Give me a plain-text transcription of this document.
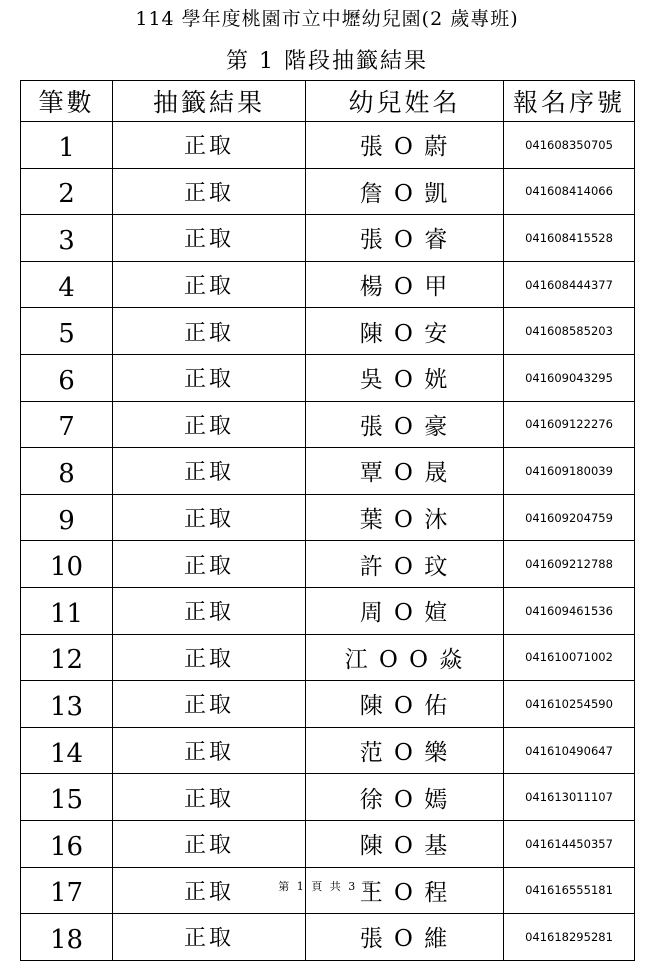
114 學年度桃園市立中壢幼兒園(2 歲專班)
第 1 階段抽籤結果
筆數	抽籤結果	幼兒姓名	報名序號
1	正取	張 O 蔚	041608350705
2	正取	詹 O 凱	041608414066
3	正取	張 O 睿	041608415528
4	正取	楊 O 甲	041608444377
5	正取	陳 O 安	041608585203
6	正取	吳 O 姯	041609043295
7	正取	張 O 豪	041609122276
8	正取	覃 O 晟	041609180039
9	正取	葉 O 沐	041609204759
10	正取	許 O 玟	041609212788
11	正取	周 O 媗	041609461536
12	正取	江 O O 焱	041610071002
13	正取	陳 O 佑	041610254590
14	正取	范 O 樂	041610490647
15	正取	徐 O 嫣	041613011107
16	正取	陳 O 基	041614450357
17	正取	王 O 程	041616555181
18	正取	張 O 維	041618295281
第 1 頁 共 3 頁
